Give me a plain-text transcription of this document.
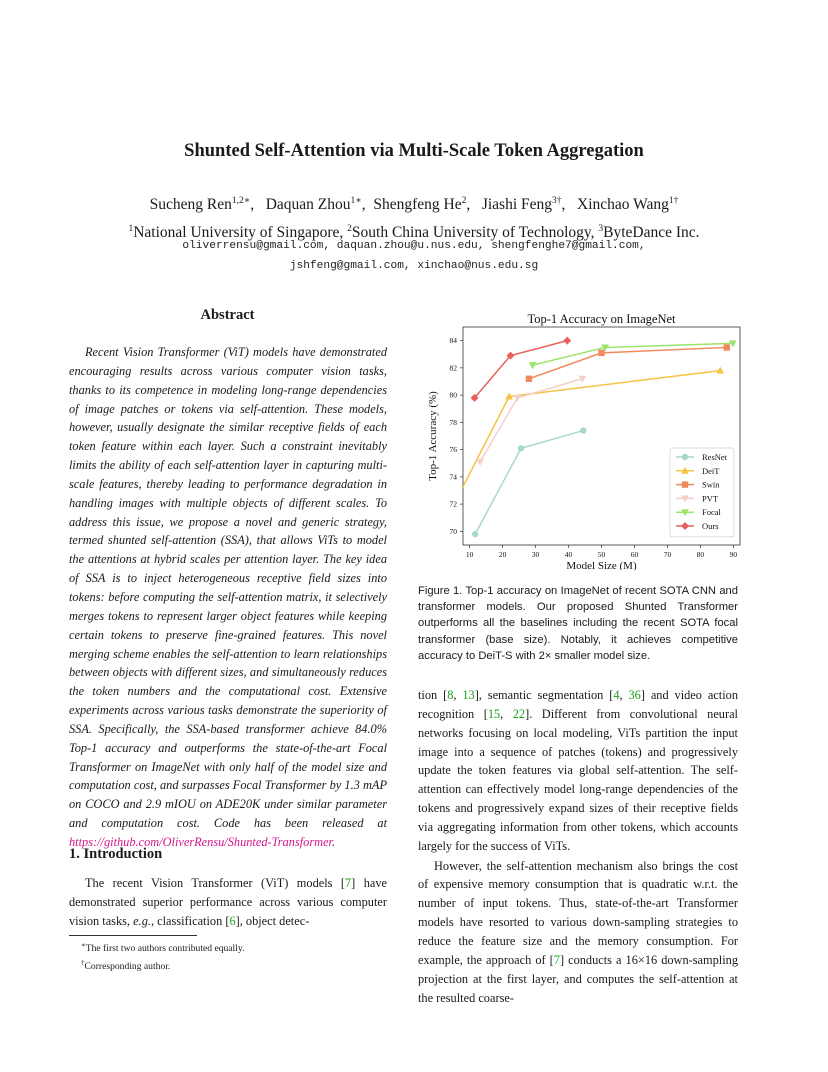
Shunted Self-Attention via Multi-Scale Token Aggregation
Sucheng Ren$^{1,2∗}$,   Daquan Zhou$^{1∗}$,  Shengfeng He$^2$,   Jiashi Feng$^{3\dagger}$,   Xinchao Wang$^{1\dagger}$
$^1$National University of Singapore, $^2$South China University of Technology, $^3$ByteDance Inc.
oliverrensu@gmail.com, daquan.zhou@u.nus.edu, shengfenghe7@gmail.com,
jshfeng@gmail.com, xinchao@nus.edu.sg
Abstract
Recent Vision Transformer (ViT) models have demonstrated encouraging results across various computer vision tasks, thanks to its competence in modeling long-range dependencies of image patches or tokens via self-attention. These models, however, usually designate the similar receptive fields of each token feature within each layer. Such a constraint inevitably limits the ability of each self-attention layer in capturing multi-scale features, thereby leading to performance degradation in handling images with multiple objects of different scales. To address this issue, we propose a novel and generic strategy, termed shunted self-attention (SSA), that allows ViTs to model the attentions at hybrid scales per attention layer. The key idea of SSA is to inject heterogeneous receptive field sizes into tokens: before computing the self-attention matrix, it selectively merges tokens to represent larger object features while keeping certain tokens to preserve fine-grained features. This novel merging scheme enables the self-attention to learn relationships between objects with different sizes, and simultaneously reduces the token numbers and the computational cost. Extensive experiments across various tasks demonstrate the superiority of SSA. Specifically, the SSA-based transformer achieve 84.0% Top-1 accuracy and outperforms the state-of-the-art Focal Transformer on ImageNet with only half of the model size and computation cost, and surpasses Focal Transformer by 1.3 mAP on COCO and 2.9 mIOU on ADE20K under similar parameter and computation cost. Code has been released at https://github.com/OliverRensu/Shunted-Transformer.
1. Introduction
The recent Vision Transformer (ViT) models [7] have demonstrated superior performance across various computer vision tasks, e.g., classification [6], object detec-
∗The first two authors contributed equally.
†Corresponding author.
Top-1 Accuracy on ImageNet
10	20	30	40	50	60	70	80	90
70
72
74
76
78
80
82
84
Model Size (M)
Top-1 Accuracy (%)	ResNet
DeiT
Swin
PVT
Focal
Ours
Figure 1. Top-1 accuracy on ImageNet of recent SOTA CNN and transformer models. Our proposed Shunted Transformer outperforms all the baselines including the recent SOTA focal transformer (base size). Notably, it achieves competitive accuracy to DeiT-S with 2× smaller model size.

tion [8, 13], semantic segmentation [4, 36] and video action recognition [15, 22]. Different from convolutional neural networks focusing on local modeling, ViTs partition the input image into a sequence of patches (tokens) and progressively update the token features via global self-attention. The self-attention can effectively model long-range dependencies of the tokens and progressively expand sizes of their receptive fields via aggregating information from other tokens, which accounts largely for the success of ViTs.

However, the self-attention mechanism also brings the cost of expensive memory consumption that is quadratic w.r.t. the number of input tokens. Thus, state-of-the-art Transformer models have resorted to various down-sampling strategies to reduce the feature size and the memory consumption. For example, the approach of [7] conducts a 16×16 down-sampling projection at the first layer, and computes the self-attention at the resulted coarse-
